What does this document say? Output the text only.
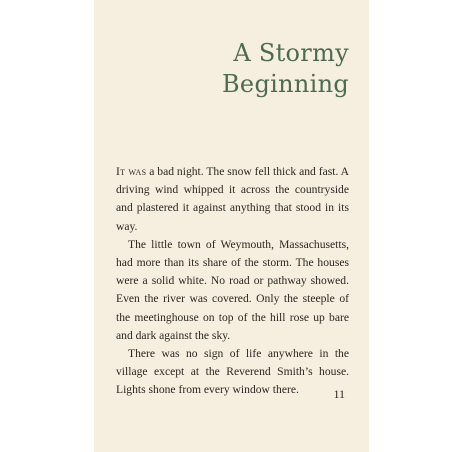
A Stormy
Beginning

It was a bad night. The snow fell thick and fast. A driving wind whipped it across the countryside and plastered it against anything that stood in its way.

The little town of Weymouth, Massachusetts, had more than its share of the storm. The houses were a solid white. No road or pathway showed. Even the river was covered. Only the steeple of the meetinghouse on top of the hill rose up bare and dark against the sky.

There was no sign of life anywhere in the village except at the Reverend Smith’s house. Lights shone from every window there.	11
